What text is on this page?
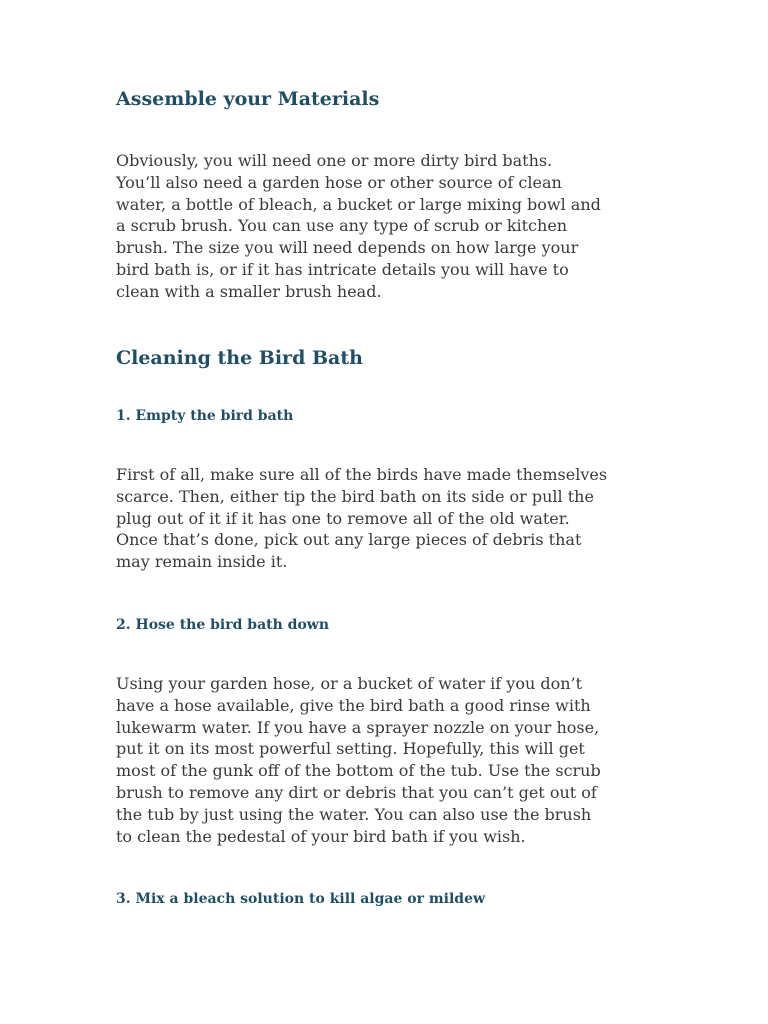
Assemble your Materials

Obviously, you will need one or more dirty bird baths.
You’ll also need a garden hose or other source of clean
water, a bottle of bleach, a bucket or large mixing bowl and
a scrub brush. You can use any type of scrub or kitchen
brush. The size you will need depends on how large your
bird bath is, or if it has intricate details you will have to
clean with a smaller brush head.

Cleaning the Bird Bath
1. Empty the bird bath

First of all, make sure all of the birds have made themselves
scarce. Then, either tip the bird bath on its side or pull the
plug out of it if it has one to remove all of the old water.
Once that’s done, pick out any large pieces of debris that
may remain inside it.

2. Hose the bird bath down

Using your garden hose, or a bucket of water if you don’t
have a hose available, give the bird bath a good rinse with
lukewarm water. If you have a sprayer nozzle on your hose,
put it on its most powerful setting. Hopefully, this will get
most of the gunk off of the bottom of the tub. Use the scrub
brush to remove any dirt or debris that you can’t get out of
the tub by just using the water. You can also use the brush
to clean the pedestal of your bird bath if you wish.

3. Mix a bleach solution to kill algae or mildew
